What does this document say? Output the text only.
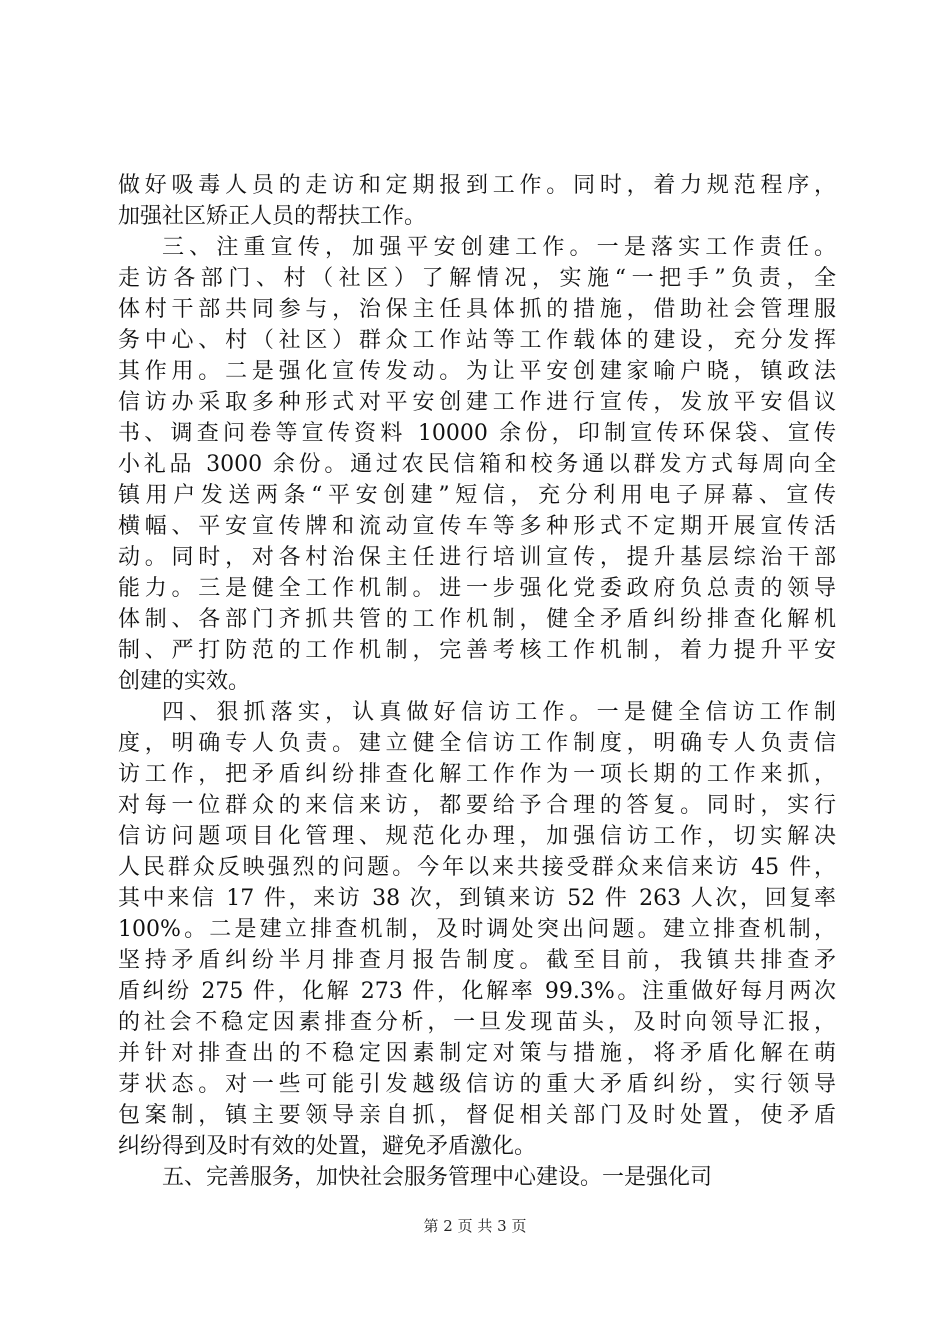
做好吸毒人员的走访和定期报到工作。同时，着力规范程序，
加强社区矫正人员的帮扶工作。
三、注重宣传，加强平安创建工作。一是落实工作责任。
走访各部门、村（社区）了解情况，实施“一把手”负责，全
体村干部共同参与，治保主任具体抓的措施，借助社会管理服
务中心、村（社区）群众工作站等工作载体的建设，充分发挥
其作用。二是强化宣传发动。为让平安创建家喻户晓，镇政法
信访办采取多种形式对平安创建工作进行宣传，发放平安倡议
书、调查问卷等宣传资料 10000 余份，印制宣传环保袋、宣传
小礼品 3000 余份。通过农民信箱和校务通以群发方式每周向全
镇用户发送两条“平安创建”短信，充分利用电子屏幕、宣传
横幅、平安宣传牌和流动宣传车等多种形式不定期开展宣传活
动。同时，对各村治保主任进行培训宣传，提升基层综治干部
能力。三是健全工作机制。进一步强化党委政府负总责的领导
体制、各部门齐抓共管的工作机制，健全矛盾纠纷排查化解机
制、严打防范的工作机制，完善考核工作机制，着力提升平安
创建的实效。
四、狠抓落实，认真做好信访工作。一是健全信访工作制
度，明确专人负责。建立健全信访工作制度，明确专人负责信
访工作，把矛盾纠纷排查化解工作作为一项长期的工作来抓，
对每一位群众的来信来访，都要给予合理的答复。同时，实行
信访问题项目化管理、规范化办理，加强信访工作，切实解决
人民群众反映强烈的问题。今年以来共接受群众来信来访 45 件，
其中来信 17 件，来访 38 次，到镇来访 52 件 263 人次，回复率
100%。二是建立排查机制，及时调处突出问题。建立排查机制，
坚持矛盾纠纷半月排查月报告制度。截至目前，我镇共排查矛
盾纠纷 275 件，化解 273 件，化解率 99.3%。注重做好每月两次
的社会不稳定因素排查分析，一旦发现苗头，及时向领导汇报，
并针对排查出的不稳定因素制定对策与措施，将矛盾化解在萌
芽状态。对一些可能引发越级信访的重大矛盾纠纷，实行领导
包案制，镇主要领导亲自抓，督促相关部门及时处置，使矛盾
纠纷得到及时有效的处置，避免矛盾激化。
五、完善服务，加快社会服务管理中心建设。一是强化司
第 2 页 共 3 页
